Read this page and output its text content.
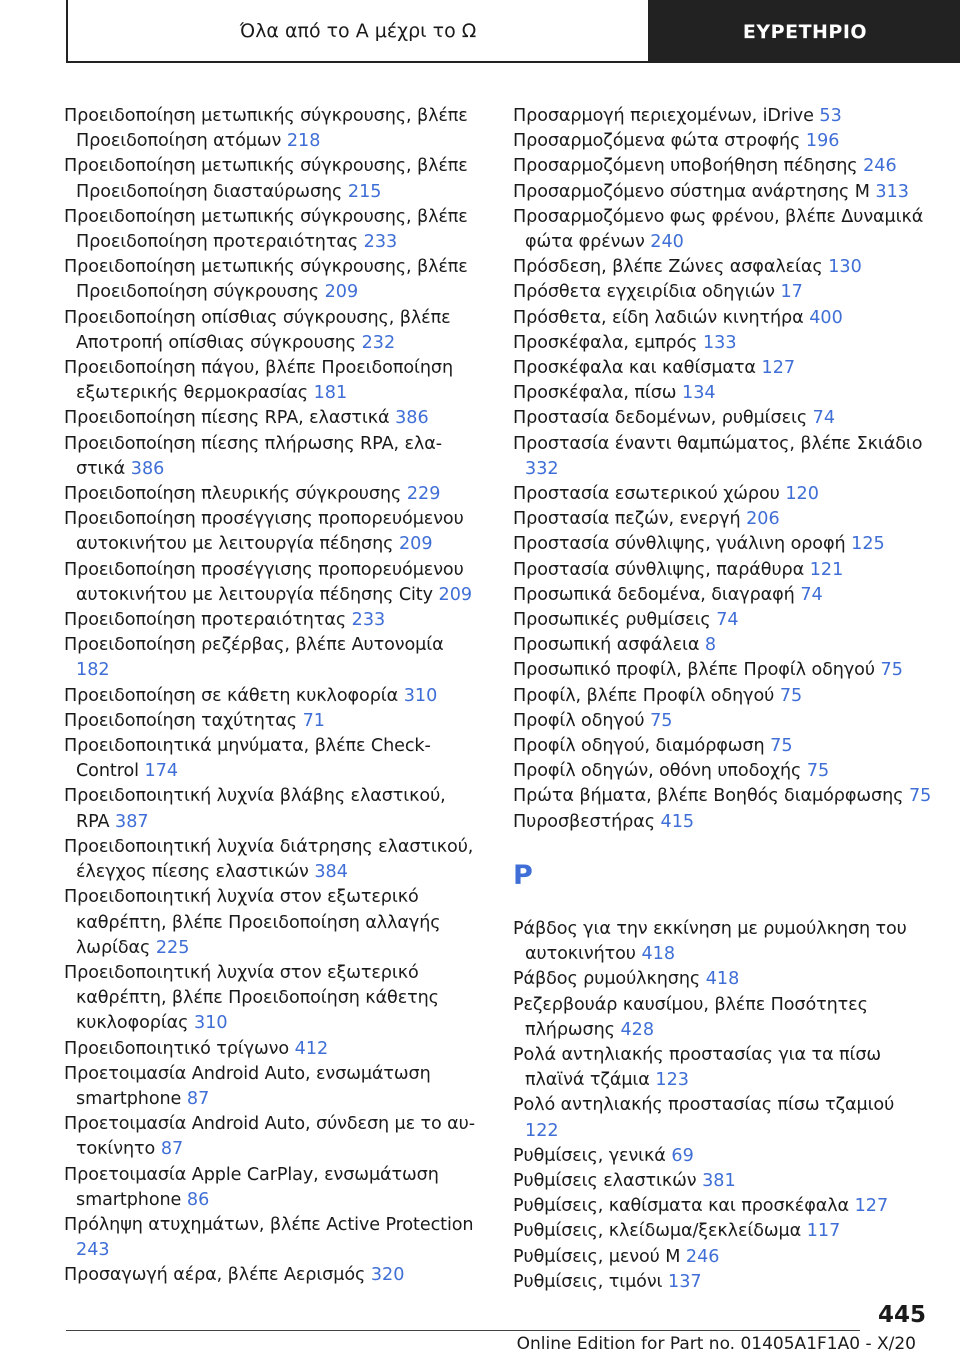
Όλα από το Α μέχρι το Ω	ΕΥΡΕΤΗΡΙΟ

Προειδοποίηση μετωπικής σύγκρουσης, βλέπε Προειδοποίηση ατόμων 218

Προειδοποίηση μετωπικής σύγκρουσης, βλέπε Προειδοποίηση διασταύρωσης 215

Προειδοποίηση μετωπικής σύγκρουσης, βλέπε Προειδοποίηση προτεραιότητας 233

Προειδοποίηση μετωπικής σύγκρουσης, βλέπε Προειδοποίηση σύγκρουσης 209

Προειδοποίηση οπίσθιας σύγκρουσης, βλέπε Αποτροπή οπίσθιας σύγκρουσης 232

Προειδοποίηση πάγου, βλέπε Προειδοποίηση εξωτερικής θερμοκρασίας 181

Προειδοποίηση πίεσης RPA, ελαστικά 386

Προειδοποίηση πίεσης πλήρωσης RPA, ελαστικά 386

Προειδοποίηση πλευρικής σύγκρουσης 229

Προειδοποίηση προσέγγισης προπορευόμενου αυτοκινήτου με λειτουργία πέδησης 209

Προειδοποίηση προσέγγισης προπορευόμενου αυτοκινήτου με λειτουργία πέδησης City 209

Προειδοποίηση προτεραιότητας 233

Προειδοποίηση ρεζέρβας, βλέπε Αυτονομία 182

Προειδοποίηση σε κάθετη κυκλοφορία 310

Προειδοποίηση ταχύτητας 71

Προειδοποιητικά μηνύματα, βλέπε Check-Control 174

Προειδοποιητική λυχνία βλάβης ελαστικού, RPA 387

Προειδοποιητική λυχνία διάτρησης ελαστικού, έλεγχος πίεσης ελαστικών 384

Προειδοποιητική λυχνία στον εξωτερικό καθρέπτη, βλέπε Προειδοποίηση αλλαγής λωρίδας 225

Προειδοποιητική λυχνία στον εξωτερικό καθρέπτη, βλέπε Προειδοποίηση κάθετης κυκλοφορίας 310

Προειδοποιητικό τρίγωνο 412

Προετοιμασία Android Auto, ενσωμάτωση smartphone 87

Προετοιμασία Android Auto, σύνδεση με το αυτοκίνητο 87

Προετοιμασία Apple CarPlay, ενσωμάτωση smartphone 86

Πρόληψη ατυχημάτων, βλέπε Active Protection 243

Προσαγωγή αέρα, βλέπε Αερισμός 320

Προσαρμογή περιεχομένων, iDrive 53

Προσαρμοζόμενα φώτα στροφής 196

Προσαρμοζόμενη υποβοήθηση πέδησης 246

Προσαρμοζόμενο σύστημα ανάρτησης M 313

Προσαρμοζόμενο φως φρένου, βλέπε Δυναμικά φώτα φρένων 240

Πρόσδεση, βλέπε Ζώνες ασφαλείας 130

Πρόσθετα εγχειρίδια οδηγιών 17

Πρόσθετα, είδη λαδιών κινητήρα 400

Προσκέφαλα, εμπρός 133

Προσκέφαλα και καθίσματα 127

Προσκέφαλα, πίσω 134

Προστασία δεδομένων, ρυθμίσεις 74

Προστασία έναντι θαμπώματος, βλέπε Σκιάδιο 332

Προστασία εσωτερικού χώρου 120

Προστασία πεζών, ενεργή 206

Προστασία σύνθλιψης, γυάλινη οροφή 125

Προστασία σύνθλιψης, παράθυρα 121

Προσωπικά δεδομένα, διαγραφή 74

Προσωπικές ρυθμίσεις 74

Προσωπική ασφάλεια 8

Προσωπικό προφίλ, βλέπε Προφίλ οδηγού 75

Προφίλ, βλέπε Προφίλ οδηγού 75

Προφίλ οδηγού 75

Προφίλ οδηγού, διαμόρφωση 75

Προφίλ οδηγών, οθόνη υποδοχής 75

Πρώτα βήματα, βλέπε Βοηθός διαμόρφωσης 75

Πυροσβεστήρας 415

Ρ

Ράβδος για την εκκίνηση με ρυμούλκηση του αυτοκινήτου 418

Ράβδος ρυμούλκησης 418

Ρεζερβουάρ καυσίμου, βλέπε Ποσότητες πλήρωσης 428

Ρολά αντηλιακής προστασίας για τα πίσω πλαϊνά τζάμια 123

Ρολό αντηλιακής προστασίας πίσω τζαμιού 122

Ρυθμίσεις, γενικά 69

Ρυθμίσεις ελαστικών 381

Ρυθμίσεις, καθίσματα και προσκέφαλα 127

Ρυθμίσεις, κλείδωμα/ξεκλείδωμα 117

Ρυθμίσεις, μενού M 246

Ρυθμίσεις, τιμόνι 137

445
Online Edition for Part no. 01405A1F1A0 - X/20
